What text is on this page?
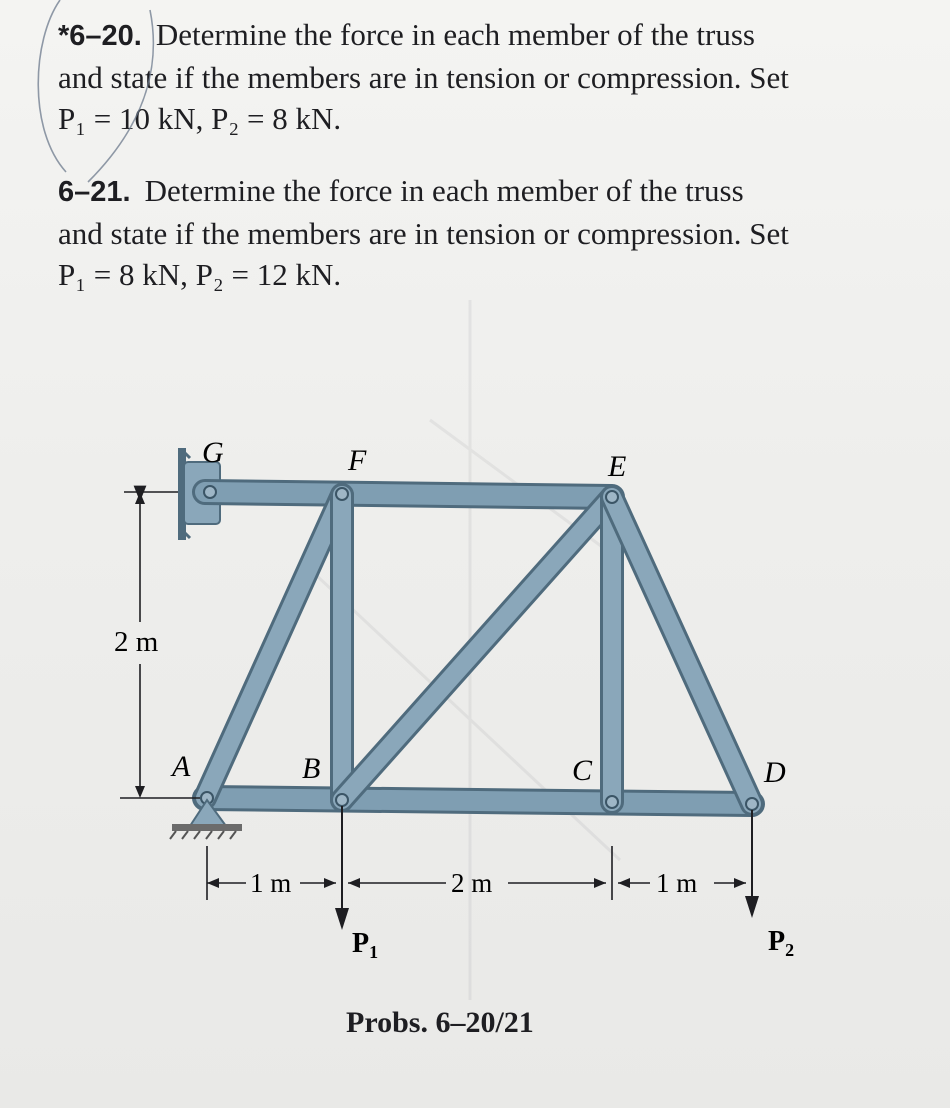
*6–20. Determine the force in each member of the truss
and state if the members are in tension or compression. Set
P₁ = 10 kN, P₂ = 8 kN.
6–21. Determine the force in each member of the truss
and state if the members are in tension or compression. Set
P₁ = 8 kN, P₂ = 12 kN.
2 m
1 m	2 m	1 m
$P_1$	$P_2$
G	F	E
A	B	C	D
Probs. 6–20/21
